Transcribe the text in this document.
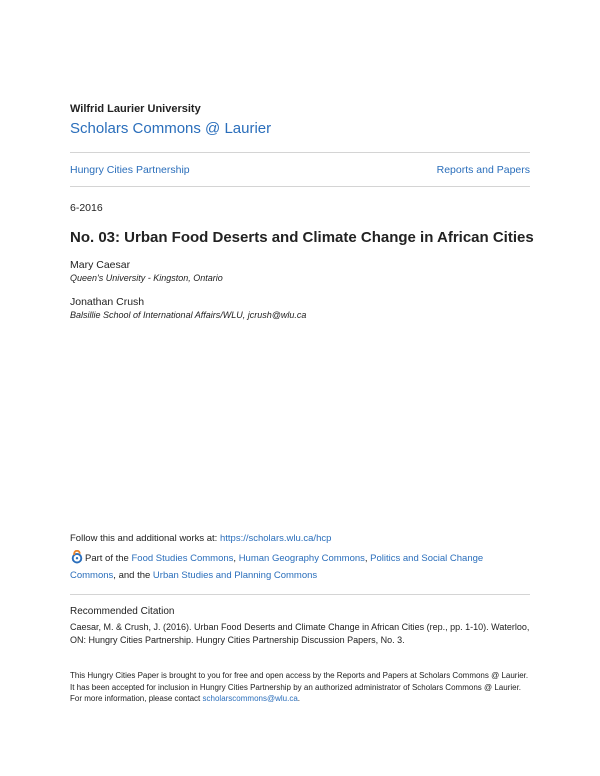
Wilfrid Laurier University
Scholars Commons @ Laurier
Hungry Cities Partnership	Reports and Papers
6-2016
No. 03: Urban Food Deserts and Climate Change in African Cities
Mary Caesar
Queen's University - Kingston, Ontario
Jonathan Crush
Balsillie School of International Affairs/WLU, jcrush@wlu.ca
Follow this and additional works at: https://scholars.wlu.ca/hcp
Part of the Food Studies Commons, Human Geography Commons, Politics and Social Change Commons, and the Urban Studies and Planning Commons
Recommended Citation
Caesar, M. & Crush, J. (2016). Urban Food Deserts and Climate Change in African Cities (rep., pp. 1-10). Waterloo, ON: Hungry Cities Partnership. Hungry Cities Partnership Discussion Papers, No. 3.
This Hungry Cities Paper is brought to you for free and open access by the Reports and Papers at Scholars Commons @ Laurier. It has been accepted for inclusion in Hungry Cities Partnership by an authorized administrator of Scholars Commons @ Laurier. For more information, please contact scholarscommons@wlu.ca.
